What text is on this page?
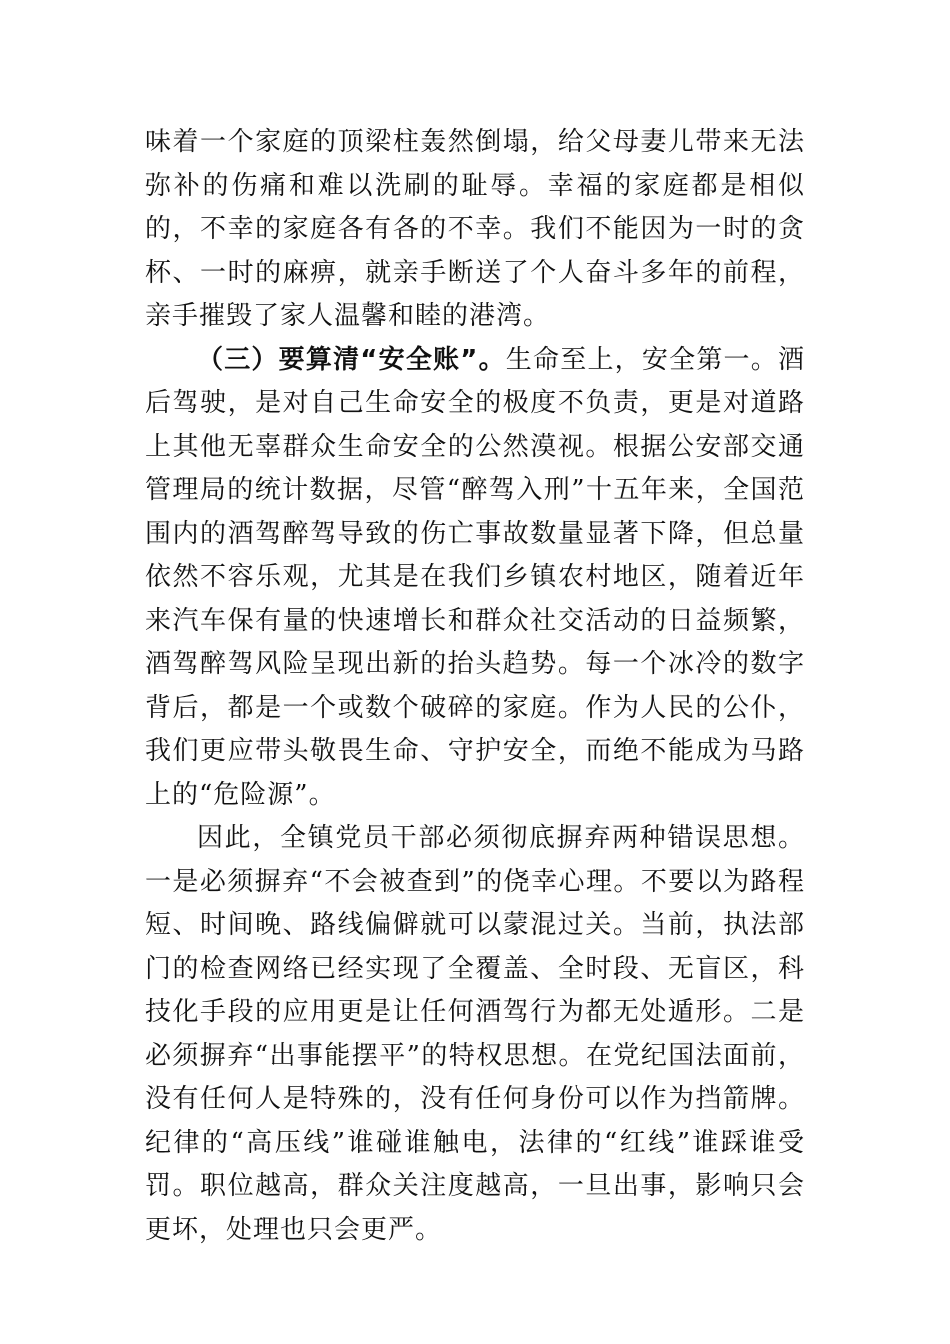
味着一个家庭的顶梁柱轰然倒塌，给父母妻儿带来无法弥补的伤痛和难以洗刷的耻辱。幸福的家庭都是相似的，不幸的家庭各有各的不幸。我们不能因为一时的贪杯、一时的麻痹，就亲手断送了个人奋斗多年的前程，亲手摧毁了家人温馨和睦的港湾。

（三）要算清“安全账”。生命至上，安全第一。酒后驾驶，是对自己生命安全的极度不负责，更是对道路上其他无辜群众生命安全的公然漠视。根据公安部交通管理局的统计数据，尽管“醉驾入刑”十五年来，全国范围内的酒驾醉驾导致的伤亡事故数量显著下降，但总量依然不容乐观，尤其是在我们乡镇农村地区，随着近年来汽车保有量的快速增长和群众社交活动的日益频繁，酒驾醉驾风险呈现出新的抬头趋势。每一个冰冷的数字背后，都是一个或数个破碎的家庭。作为人民的公仆，我们更应带头敬畏生命、守护安全，而绝不能成为马路上的“危险源”。

因此，全镇党员干部必须彻底摒弃两种错误思想。一是必须摒弃“不会被查到”的侥幸心理。不要以为路程短、时间晚、路线偏僻就可以蒙混过关。当前，执法部门的检查网络已经实现了全覆盖、全时段、无盲区，科技化手段的应用更是让任何酒驾行为都无处遁形。二是必须摒弃“出事能摆平”的特权思想。在党纪国法面前，没有任何人是特殊的，没有任何身份可以作为挡箭牌。纪律的“高压线”谁碰谁触电，法律的“红线”谁踩谁受罚。职位越高，群众关注度越高，一旦出事，影响只会更坏，处理也只会更严。
